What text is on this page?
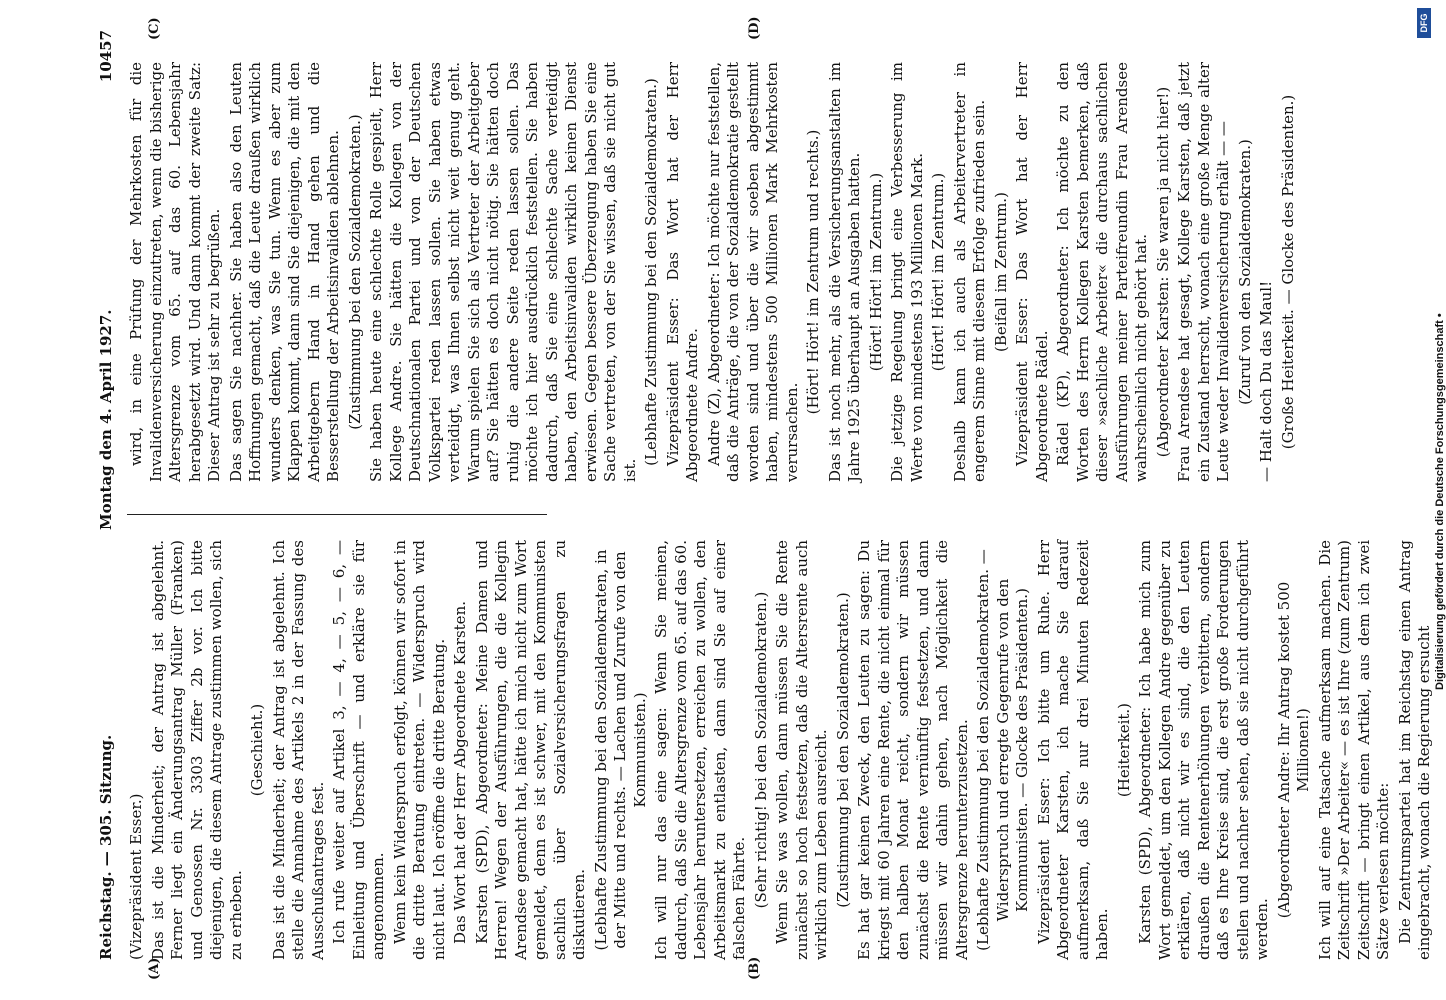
Reichstag. — 305. Sitzung.
Montag den 4. April 1927.
10457
(A)	(B)
(C)	(D)
(Vizepräsident Esser.) Das ist die Minderheit; der Antrag ist abgelehnt. Ferner liegt ein Änderungsantrag Müller (Franken) und Genossen Nr. 3303 Ziffer 2b vor. Ich bitte diejenigen, die diesem Antrage zustimmen wollen, sich zu erheben.
(Geschieht.) Das ist die Minderheit; der Antrag ist abgelehnt. Ich stelle die Annahme des Artikels 2 in der Fassung des Ausschußantrages fest. Ich rufe weiter auf Artikel 3, — 4, — 5, — 6, — Einleitung und Überschrift — und erkläre sie für angenommen. Wenn kein Widerspruch erfolgt, können wir sofort in die dritte Beratung eintreten. — Widerspruch wird nicht laut. Ich eröffne die dritte Beratung. Das Wort hat der Herr Abgeordnete Karsten. Karsten (SPD), Abgeordneter: Meine Damen und Herren! Wegen der Ausführungen, die die Kollegin Arendsee gemacht hat, hätte ich mich nicht zum Wort gemeldet, denn es ist schwer, mit den Kommunisten sachlich über Sozialversicherungsfragen zu diskutieren. (Lebhafte Zustimmung bei den Sozialdemokraten, in der Mitte und rechts. — Lachen und Zurufe von den Kommunisten.) Ich will nur das eine sagen: Wenn Sie meinen, dadurch, daß Sie die Altersgrenze vom 65. auf das 60. Lebensjahr heruntersetzen, erreichen zu wollen, den Arbeitsmarkt zu entlasten, dann sind Sie auf einer falschen Fährte. (Sehr richtig! bei den Sozialdemokraten.) Wenn Sie was wollen, dann müssen Sie die Rente zunächst so hoch festsetzen, daß die Altersrente auch wirklich zum Leben ausreicht. (Zustimmung bei den Sozialdemokraten.) Es hat gar keinen Zweck, den Leuten zu sagen: Du kriegst mit 60 Jahren eine Rente, die nicht einmal für den halben Monat reicht, sondern wir müssen zunächst die Rente vernünftig festsetzen, und dann müssen wir dahin gehen, nach Möglichkeit die Altersgrenze herunterzusetzen. (Lebhafte Zustimmung bei den Sozialdemokraten. — Widerspruch und erregte Gegenrufe von den Kommunisten. — Glocke des Präsidenten.) Vizepräsident Esser: Ich bitte um Ruhe. Herr Abgeordneter Karsten, ich mache Sie darauf aufmerksam, daß Sie nur drei Minuten Redezeit haben.
(Heiterkeit.) Karsten (SPD), Abgeordneter: Ich habe mich zum Wort gemeldet, um den Kollegen Andre gegenüber zu erklären, daß nicht wir es sind, die den Leuten draußen die Rentenerhöhungen verbittern, sondern daß es Ihre Kreise sind, die erst große Forderungen stellen und nachher sehen, daß sie nicht durchgeführt werden.
(Abgeordneter Andre: Ihr Antrag kostet 500 Millionen!) Ich will auf eine Tatsache aufmerksam machen. Die Zeitschrift »Der Arbeiter« — es ist Ihre (zum Zentrum) Zeitschrift — bringt einen Artikel, aus dem ich zwei Sätze verlesen möchte: Die Zentrumspartei hat im Reichstag einen Antrag eingebracht, wonach die Regierung ersucht
wird, in eine Prüfung der Mehrkosten für die Invalidenversicherung einzutreten, wenn die bisherige Altersgrenze vom 65. auf das 60. Lebensjahr herabgesetzt wird. Und dann kommt der zweite Satz: Dieser Antrag ist sehr zu begrüßen. Das sagen Sie nachher. Sie haben also den Leuten Hoffnungen gemacht, daß die Leute draußen wirklich wunders denken, was Sie tun. Wenn es aber zum Klappen kommt, dann sind Sie diejenigen, die mit den Arbeitgebern Hand in Hand gehen und die Besserstellung der Arbeitsinvaliden ablehnen. (Zustimmung bei den Sozialdemokraten.) Sie haben heute eine schlechte Rolle gespielt, Herr Kollege Andre. Sie hätten die Kollegen von der Deutschnationalen Partei und von der Deutschen Volkspartei reden lassen sollen. Sie haben etwas verteidigt, was Ihnen selbst nicht weit genug geht. Warum spielen Sie sich als Vertreter der Arbeitgeber auf? Sie hätten es doch nicht nötig. Sie hätten doch ruhig die andere Seite reden lassen sollen. Das möchte ich hier ausdrücklich feststellen. Sie haben dadurch, daß Sie eine schlechte Sache verteidigt haben, den Arbeitsinvaliden wirklich keinen Dienst erwiesen. Gegen bessere Überzeugung haben Sie eine Sache vertreten, von der Sie wissen, daß sie nicht gut ist.
(Lebhafte Zustimmung bei den Sozialdemokraten.) Vizepräsident Esser: Das Wort hat der Herr Abgeordnete Andre. Andre (Z), Abgeordneter: Ich möchte nur feststellen, daß die Anträge, die von der Sozialdemokratie gestellt worden sind und über die wir soeben abgestimmt haben, mindestens 500 Millionen Mark Mehrkosten verursachen.
(Hört! Hört! im Zentrum und rechts.) Das ist noch mehr, als die Versicherungsanstalten im Jahre 1925 überhaupt an Ausgaben hatten. (Hört! Hört! im Zentrum.) Die jetzige Regelung bringt eine Verbesserung im Werte von mindestens 193 Millionen Mark. (Hört! Hört! im Zentrum.) Deshalb kann ich auch als Arbeitervertreter in engerem Sinne mit diesem Erfolge zufrieden sein. (Beifall im Zentrum.) Vizepräsident Esser: Das Wort hat der Herr Abgeordnete Rädel. Rädel (KP), Abgeordneter: Ich möchte zu den Worten des Herrn Kollegen Karsten bemerken, daß dieser »sachliche Arbeiter« die durchaus sachlichen Ausführungen meiner Parteifreundin Frau Arendsee wahrscheinlich nicht gehört hat. (Abgeordneter Karsten: Sie waren ja nicht hier!) Frau Arendsee hat gesagt, Kollege Karsten, daß jetzt ein Zustand herrscht, wonach eine große Menge alter Leute weder Invalidenversicherung erhält — — (Zuruf von den Sozialdemokraten.) — Halt doch Du das Maul! (Große Heiterkeit. — Glocke des Präsidenten.)
DFG
Digitalisierung gefördert durch die Deutsche Forschungsgemeinschaft •
